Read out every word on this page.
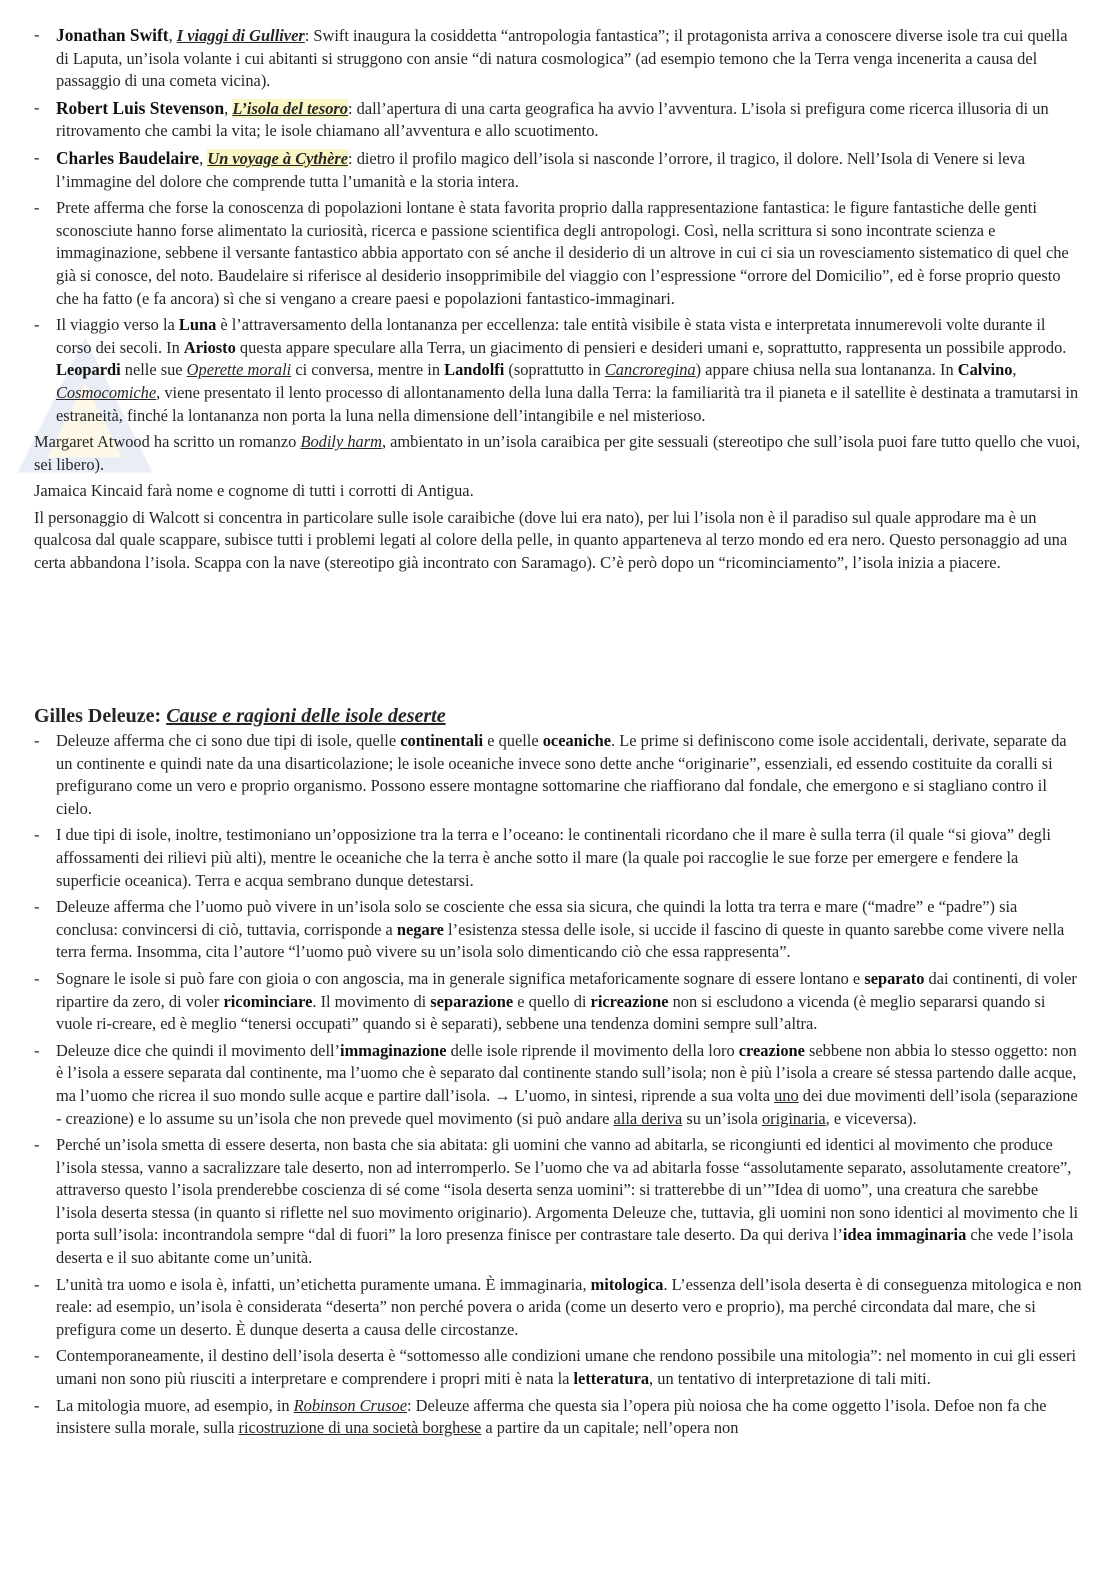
- Jonathan Swift, I viaggi di Gulliver: Swift inaugura la cosiddetta “antropologia fantastica”; il protagonista arriva a conoscere diverse isole tra cui quella di Laputa, un’isola volante i cui abitanti si struggono con ansie “di natura cosmologica” (ad esempio temono che la Terra venga incenerita a causa del passaggio di una cometa vicina).
- Robert Luis Stevenson, L’isola del tesoro: dall’apertura di una carta geografica ha avvio l’avventura. L’isola si prefigura come ricerca illusoria di un ritrovamento che cambi la vita; le isole chiamano all’avventura e allo scuotimento.
- Charles Baudelaire, Un voyage à Cythère: dietro il profilo magico dell’isola si nasconde l’orrore, il tragico, il dolore. Nell’Isola di Venere si leva l’immagine del dolore che comprende tutta l’umanità e la storia intera.
- Prete afferma che forse la conoscenza di popolazioni lontane è stata favorita proprio dalla rappresentazione fantastica: le figure fantastiche delle genti sconosciute hanno forse alimentato la curiosità, ricerca e passione scientifica degli antropologi. Così, nella scrittura si sono incontrate scienza e immaginazione, sebbene il versante fantastico abbia apportato con sé anche il desiderio di un altrove in cui ci sia un rovesciamento sistematico di quel che già si conosce, del noto. Baudelaire si riferisce al desiderio insopprimibile del viaggio con l’espressione “orrore del Domicilio”, ed è forse proprio questo che ha fatto (e fa ancora) sì che si vengano a creare paesi e popolazioni fantastico-immaginari.
- Il viaggio verso la Luna è l’attraversamento della lontananza per eccellenza: tale entità visibile è stata vista e interpretata innumerevoli volte durante il corso dei secoli. In Ariosto questa appare speculare alla Terra, un giacimento di pensieri e desideri umani e, soprattutto, rappresenta un possibile approdo. Leopardi nelle sue Operette morali ci conversa, mentre in Landolfi (soprattutto in Cancroregina) appare chiusa nella sua lontananza. In Calvino, Cosmocomiche, viene presentato il lento processo di allontanamento della luna dalla Terra: la familiarità tra il pianeta e il satellite è destinata a tramutarsi in estraneità, finché la lontananza non porta la luna nella dimensione dell’intangibile e nel misterioso.

Margaret Atwood ha scritto un romanzo Bodily harm, ambientato in un’isola caraibica per gite sessuali (stereotipo che sull’isola puoi fare tutto quello che vuoi, sei libero).

Jamaica Kincaid farà nome e cognome di tutti i corrotti di Antigua.

Il personaggio di Walcott si concentra in particolare sulle isole caraibiche (dove lui era nato), per lui l’isola non è il paradiso sul quale approdare ma è un qualcosa dal quale scappare, subisce tutti i problemi legati al colore della pelle, in quanto apparteneva al terzo mondo ed era nero. Questo personaggio ad una certa abbandona l’isola. Scappa con la nave (stereotipo già incontrato con Saramago). C’è però dopo un “ricominciamento”, l’isola inizia a piacere.

Gilles Deleuze: Cause e ragioni delle isole deserte
- Deleuze afferma che ci sono due tipi di isole, quelle continentali e quelle oceaniche. Le prime si definiscono come isole accidentali, derivate, separate da un continente e quindi nate da una disarticolazione; le isole oceaniche invece sono dette anche “originarie”, essenziali, ed essendo costituite da coralli si prefigurano come un vero e proprio organismo. Possono essere montagne sottomarine che riaffiorano dal fondale, che emergono e si stagliano contro il cielo.
- I due tipi di isole, inoltre, testimoniano un’opposizione tra la terra e l’oceano: le continentali ricordano che il mare è sulla terra (il quale “si giova” degli affossamenti dei rilievi più alti), mentre le oceaniche che la terra è anche sotto il mare (la quale poi raccoglie le sue forze per emergere e fendere la superficie oceanica). Terra e acqua sembrano dunque detestarsi.
- Deleuze afferma che l’uomo può vivere in un’isola solo se cosciente che essa sia sicura, che quindi la lotta tra terra e mare (“madre” e “padre”) sia conclusa: convincersi di ciò, tuttavia, corrisponde a negare l’esistenza stessa delle isole, si uccide il fascino di queste in quanto sarebbe come vivere nella terra ferma. Insomma, cita l’autore “l’uomo può vivere su un’isola solo dimenticando ciò che essa rappresenta”.
- Sognare le isole si può fare con gioia o con angoscia, ma in generale significa metaforicamente sognare di essere lontano e separato dai continenti, di voler ripartire da zero, di voler ricominciare. Il movimento di separazione e quello di ricreazione non si escludono a vicenda (è meglio separarsi quando si vuole ri-creare, ed è meglio “tenersi occupati” quando si è separati), sebbene una tendenza domini sempre sull’altra.
- Deleuze dice che quindi il movimento dell’immaginazione delle isole riprende il movimento della loro creazione sebbene non abbia lo stesso oggetto: non è l’isola a essere separata dal continente, ma l’uomo che è separato dal continente stando sull’isola; non è più l’isola a creare sé stessa partendo dalle acque, ma l’uomo che ricrea il suo mondo sulle acque e partire dall’isola. → L’uomo, in sintesi, riprende a sua volta uno dei due movimenti dell’isola (separazione - creazione) e lo assume su un’isola che non prevede quel movimento (si può andare alla deriva su un’isola originaria, e viceversa).
- Perché un’isola smetta di essere deserta, non basta che sia abitata: gli uomini che vanno ad abitarla, se ricongiunti ed identici al movimento che produce l’isola stessa, vanno a sacralizzare tale deserto, non ad interromperlo. Se l’uomo che va ad abitarla fosse “assolutamente separato, assolutamente creatore”, attraverso questo l’isola prenderebbe coscienza di sé come “isola deserta senza uomini”: si tratterebbe di un’”Idea di uomo”, una creatura che sarebbe l’isola deserta stessa (in quanto si riflette nel suo movimento originario). Argomenta Deleuze che, tuttavia, gli uomini non sono identici al movimento che li porta sull’isola: incontrandola sempre “dal di fuori” la loro presenza finisce per contrastare tale deserto. Da qui deriva l’idea immaginaria che vede l’isola deserta e il suo abitante come un’unità.
- L’unità tra uomo e isola è, infatti, un’etichetta puramente umana. È immaginaria, mitologica. L’essenza dell’isola deserta è di conseguenza mitologica e non reale: ad esempio, un’isola è considerata “deserta” non perché povera o arida (come un deserto vero e proprio), ma perché circondata dal mare, che si prefigura come un deserto. È dunque deserta a causa delle circostanze.
- Contemporaneamente, il destino dell’isola deserta è “sottomesso alle condizioni umane che rendono possibile una mitologia”: nel momento in cui gli esseri umani non sono più riusciti a interpretare e comprendere i propri miti è nata la letteratura, un tentativo di interpretazione di tali miti.
- La mitologia muore, ad esempio, in Robinson Crusoe: Deleuze afferma che questa sia l’opera più noiosa che ha come oggetto l’isola. Defoe non fa che insistere sulla morale, sulla ricostruzione di una società borghese a partire da un capitale; nell’opera non
